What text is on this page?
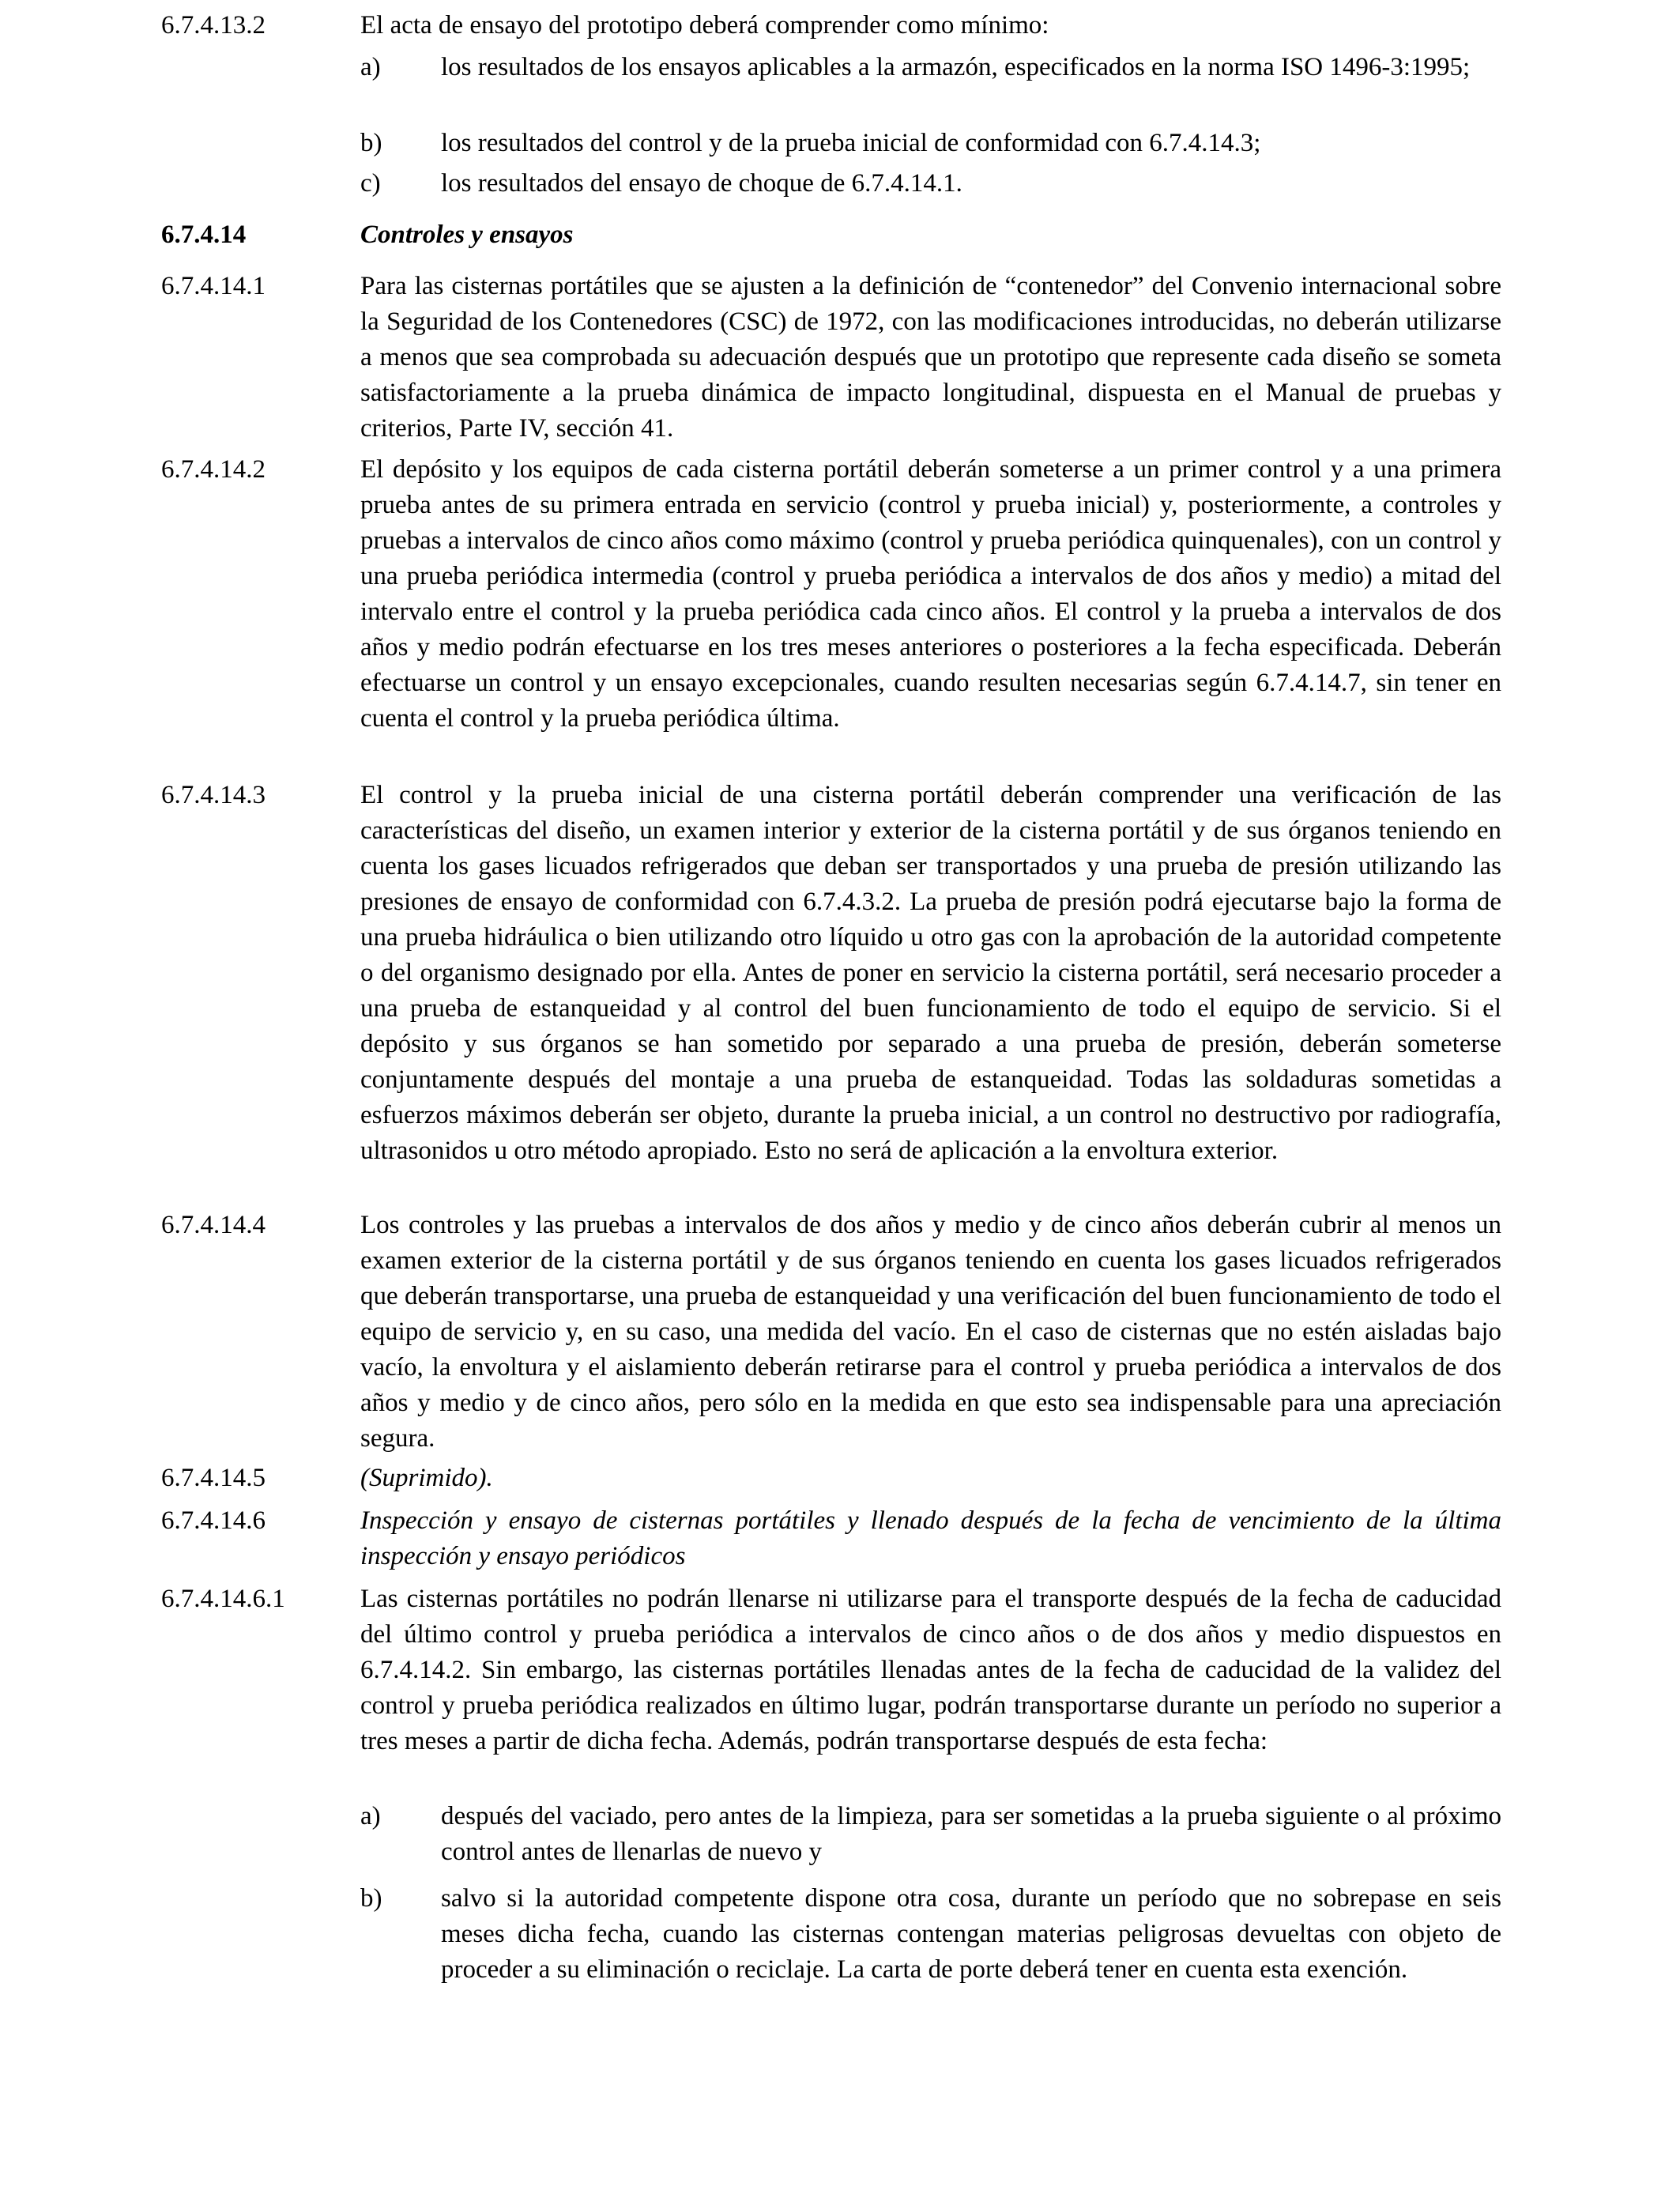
6.7.4.13.2	El acta de ensayo del prototipo deberá comprender como mínimo:
a)	los resultados de los ensayos aplicables a la armazón, especificados en la norma ISO 1496-3:1995;
b)	los resultados del control y de la prueba inicial de conformidad con 6.7.4.14.3;
c)	los resultados del ensayo de choque de 6.7.4.14.1.
6.7.4.14	Controles y ensayos
6.7.4.14.1	Para las cisternas portátiles que se ajusten a la definición de “contenedor” del Convenio internacional sobre la Seguridad de los Contenedores (CSC) de 1972, con las modificaciones introducidas, no deberán utilizarse a menos que sea comprobada su adecuación después que un prototipo que represente cada diseño se someta satisfactoriamente a la prueba dinámica de impacto longitudinal, dispuesta en el Manual de pruebas y criterios, Parte IV, sección 41.
6.7.4.14.2	El depósito y los equipos de cada cisterna portátil deberán someterse a un primer control y a una primera prueba antes de su primera entrada en servicio (control y prueba inicial) y, posteriormente, a controles y pruebas a intervalos de cinco años como máximo (control y prueba periódica quinquenales), con un control y una prueba periódica intermedia (control y prueba periódica a intervalos de dos años y medio) a mitad del intervalo entre el control y la prueba periódica cada cinco años. El control y la prueba a intervalos de dos años y medio podrán efectuarse en los tres meses anteriores o posteriores a la fecha especificada. Deberán efectuarse un control y un ensayo excepcionales, cuando resulten necesarias según 6.7.4.14.7, sin tener en cuenta el control y la prueba periódica última.
6.7.4.14.3	El control y la prueba inicial de una cisterna portátil deberán comprender una verificación de las características del diseño, un examen interior y exterior de la cisterna portátil y de sus órganos teniendo en cuenta los gases licuados refrigerados que deban ser transportados y una prueba de presión utilizando las presiones de ensayo de conformidad con 6.7.4.3.2. La prueba de presión podrá ejecutarse bajo la forma de una prueba hidráulica o bien utilizando otro líquido u otro gas con la aprobación de la autoridad competente o del organismo designado por ella. Antes de poner en servicio la cisterna portátil, será necesario proceder a una prueba de estanqueidad y al control del buen funcionamiento de todo el equipo de servicio. Si el depósito y sus órganos se han sometido por separado a una prueba de presión, deberán someterse conjuntamente después del montaje a una prueba de estanqueidad. Todas las soldaduras sometidas a esfuerzos máximos deberán ser objeto, durante la prueba inicial, a un control no destructivo por radiografía, ultrasonidos u otro método apropiado. Esto no será de aplicación a la envoltura exterior.
6.7.4.14.4	Los controles y las pruebas a intervalos de dos años y medio y de cinco años deberán cubrir al menos un examen exterior de la cisterna portátil y de sus órganos teniendo en cuenta los gases licuados refrigerados que deberán transportarse, una prueba de estanqueidad y una verificación del buen funcionamiento de todo el equipo de servicio y, en su caso, una medida del vacío. En el caso de cisternas que no estén aisladas bajo vacío, la envoltura y el aislamiento deberán retirarse para el control y prueba periódica a intervalos de dos años y medio y de cinco años, pero sólo en la medida en que esto sea indispensable para una apreciación segura.
6.7.4.14.5	(Suprimido).
6.7.4.14.6	Inspección y ensayo de cisternas portátiles y llenado después de la fecha de vencimiento de la última inspección y ensayo periódicos
6.7.4.14.6.1	Las cisternas portátiles no podrán llenarse ni utilizarse para el transporte después de la fecha de caducidad del último control y prueba periódica a intervalos de cinco años o de dos años y medio dispuestos en 6.7.4.14.2. Sin embargo, las cisternas portátiles llenadas antes de la fecha de caducidad de la validez del control y prueba periódica realizados en último lugar, podrán transportarse durante un período no superior a tres meses a partir de dicha fecha. Además, podrán transportarse después de esta fecha:
a)	después del vaciado, pero antes de la limpieza, para ser sometidas a la prueba siguiente o al próximo control antes de llenarlas de nuevo y
b)	salvo si la autoridad competente dispone otra cosa, durante un período que no sobrepase en seis meses dicha fecha, cuando las cisternas contengan materias peligrosas devueltas con objeto de proceder a su eliminación o reciclaje. La carta de porte deberá tener en cuenta esta exención.
